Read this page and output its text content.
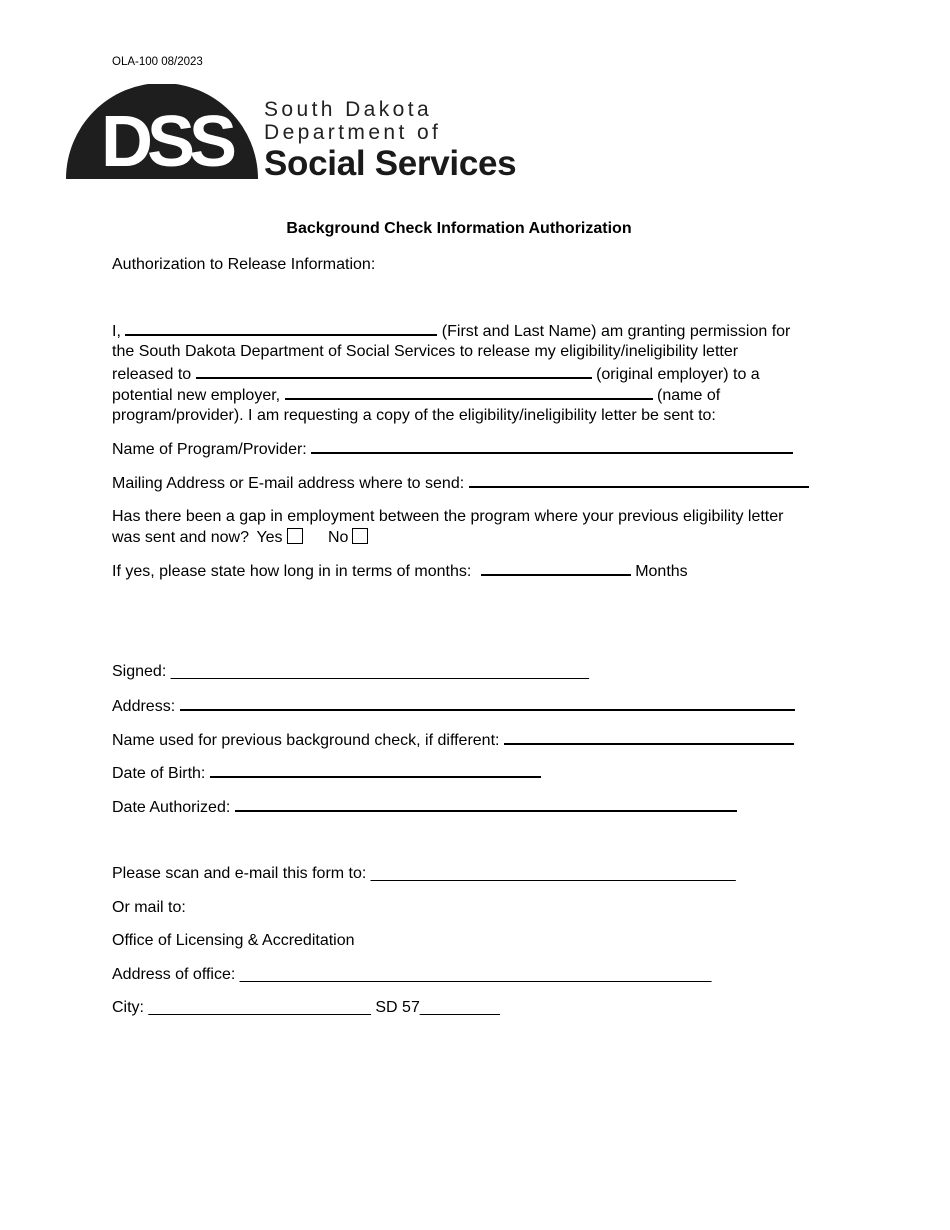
OLA-100 08/2023
DSS South Dakota
Department of
Social Services
Background Check Information Authorization
Authorization to Release Information:
I,	(First and Last Name) am granting permission for
the South Dakota Department of Social Services to release my eligibility/ineligibility letter
released to	(original employer) to a
potential new employer,	(name of
program/provider). I am requesting a copy of the eligibility/ineligibility letter be sent to:
Name of Program/Provider:
Mailing Address or E-mail address where to send:
Has there been a gap in employment between the program where your previous eligibility letter
was sent and now? Yes	No
If yes, please state how long in in terms of months:	Months
Signed: _______________________________________________
Address:
Name used for previous background check, if different:
Date of Birth:
Date Authorized:
Please scan and e-mail this form to: _________________________________________
Or mail to:
Office of Licensing & Accreditation
Address of office: _____________________________________________________
City: _________________________ SD 57_________
